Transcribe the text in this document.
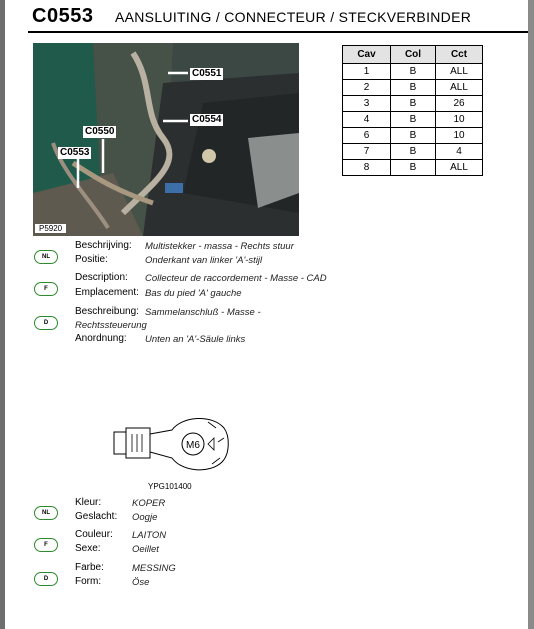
C0553 AANSLUITING / CONNECTEUR / STECKVERBINDER
C0551
C0554
C0550
C0553
P5920
Cav	Col	Cct
1	B	ALL
2	B	ALL
3	B	26
4	B	10
6	B	10
7	B	4
8	B	ALL
NL
Beschrijving: Multistekker - massa - Rechts stuur
Positie:	Onderkant van linker 'A'-stijl
F
Description: Collecteur de raccordement - Masse - CAD
Emplacement: Bas du pied 'A' gauche
D
Beschreibung: Sammelanschluß - Masse -
Rechtssteuerung
Anordnung: Unten an 'A'-Säule links
M6
YPG101400
NL
Kleur:	KOPER
Geslacht: Oogje
F
Couleur: LAITON
Sexe:	Oeillet
D
Farbe:	MESSING
Form:	Öse
